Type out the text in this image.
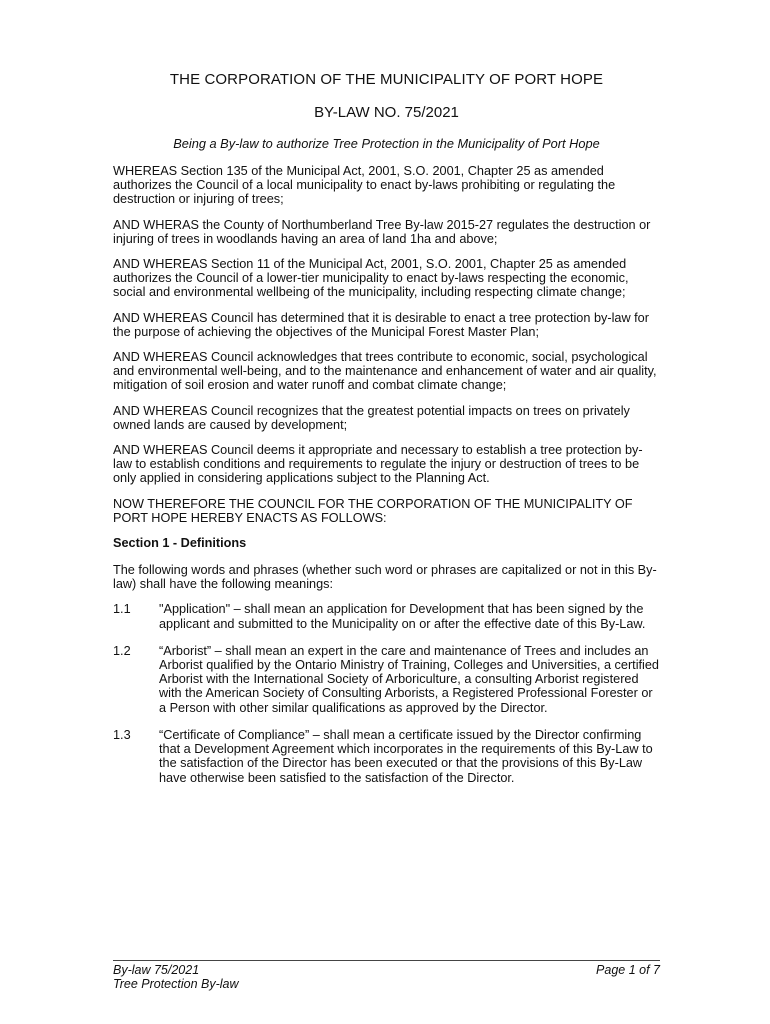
THE CORPORATION OF THE MUNICIPALITY OF PORT HOPE
BY-LAW NO. 75/2021
Being a By-law to authorize Tree Protection in the Municipality of Port Hope

WHEREAS Section 135 of the Municipal Act, 2001, S.O. 2001, Chapter 25 as amended authorizes the Council of a local municipality to enact by-laws prohibiting or regulating the destruction or injuring of trees;

AND WHERAS the County of Northumberland Tree By-law 2015-27 regulates the destruction or injuring of trees in woodlands having an area of land 1ha and above;

AND WHEREAS Section 11 of the Municipal Act, 2001, S.O. 2001, Chapter 25 as amended authorizes the Council of a lower-tier municipality to enact by-laws respecting the economic, social and environmental wellbeing of the municipality, including respecting climate change;

AND WHEREAS Council has determined that it is desirable to enact a tree protection by-law for the purpose of achieving the objectives of the Municipal Forest Master Plan;

AND WHEREAS Council acknowledges that trees contribute to economic, social, psychological and environmental well-being, and to the maintenance and enhancement of water and air quality, mitigation of soil erosion and water runoff and combat climate change;

AND WHEREAS Council recognizes that the greatest potential impacts on trees on privately owned lands are caused by development;

AND WHEREAS Council deems it appropriate and necessary to establish a tree protection by-law to establish conditions and requirements to regulate the injury or destruction of trees to be only applied in considering applications subject to the Planning Act.

NOW THEREFORE THE COUNCIL FOR THE CORPORATION OF THE MUNICIPALITY OF PORT HOPE HEREBY ENACTS AS FOLLOWS:

Section 1 - Definitions

The following words and phrases (whether such word or phrases are capitalized or not in this By-law) shall have the following meanings:

1.1	"Application" – shall mean an application for Development that has been signed by the applicant and submitted to the Municipality on or after the effective date of this By-Law.
1.2	“Arborist” – shall mean an expert in the care and maintenance of Trees and includes an Arborist qualified by the Ontario Ministry of Training, Colleges and Universities, a certified Arborist with the International Society of Arboriculture, a consulting Arborist registered with the American Society of Consulting Arborists, a Registered Professional Forester or a Person with other similar qualifications as approved by the Director.
1.3	“Certificate of Compliance” – shall mean a certificate issued by the Director confirming that a Development Agreement which incorporates in the requirements of this By-Law to the satisfaction of the Director has been executed or that the provisions of this By-Law have otherwise been satisfied to the satisfaction of the Director.
By-law 75/2021	Page 1 of 7
Tree Protection By-law
